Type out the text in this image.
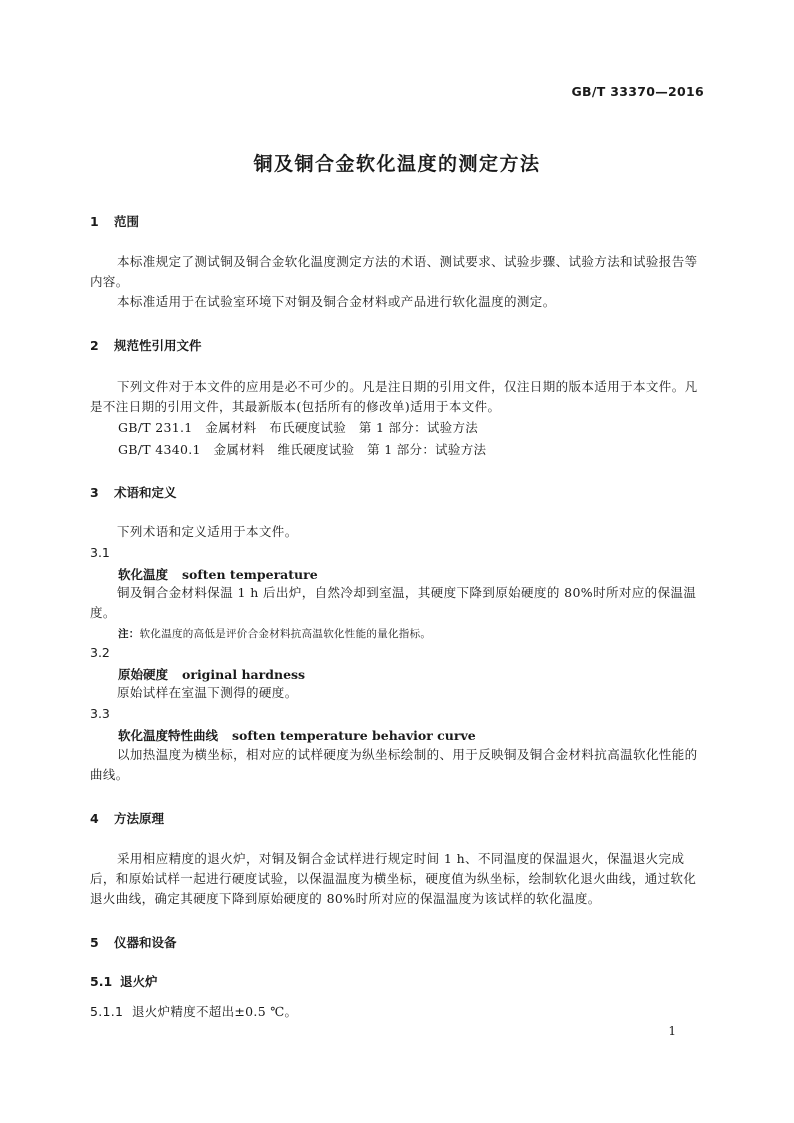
GB/T 33370—2016
铜及铜合金软化温度的测定方法
1 范围
本标准规定了测试铜及铜合金软化温度测定方法的术语、测试要求、试验步骤、试验方法和试验报告等内容。
本标准适用于在试验室环境下对铜及铜合金材料或产品进行软化温度的测定。
2 规范性引用文件
下列文件对于本文件的应用是必不可少的。凡是注日期的引用文件，仅注日期的版本适用于本文件。凡是不注日期的引用文件，其最新版本(包括所有的修改单)适用于本文件。
GB/T 231.1　金属材料　布氏硬度试验　第 1 部分：试验方法
GB/T 4340.1　金属材料　维氏硬度试验　第 1 部分：试验方法
3 术语和定义
下列术语和定义适用于本文件。
3.1
软化温度 soften temperature
铜及铜合金材料保温 1 h 后出炉，自然冷却到室温，其硬度下降到原始硬度的 80%时所对应的保温温度。
注：软化温度的高低是评价合金材料抗高温软化性能的量化指标。
3.2
原始硬度 original hardness
原始试样在室温下测得的硬度。
3.3
软化温度特性曲线 soften temperature behavior curve
以加热温度为横坐标，相对应的试样硬度为纵坐标绘制的、用于反映铜及铜合金材料抗高温软化性能的曲线。
4 方法原理
采用相应精度的退火炉，对铜及铜合金试样进行规定时间 1 h、不同温度的保温退火，保温退火完成后，和原始试样一起进行硬度试验，以保温温度为横坐标，硬度值为纵坐标，绘制软化退火曲线，通过软化退火曲线，确定其硬度下降到原始硬度的 80%时所对应的保温温度为该试样的软化温度。
5 仪器和设备
5.1 退火炉
5.1.1 退火炉精度不超出±0.5 ℃。
1
